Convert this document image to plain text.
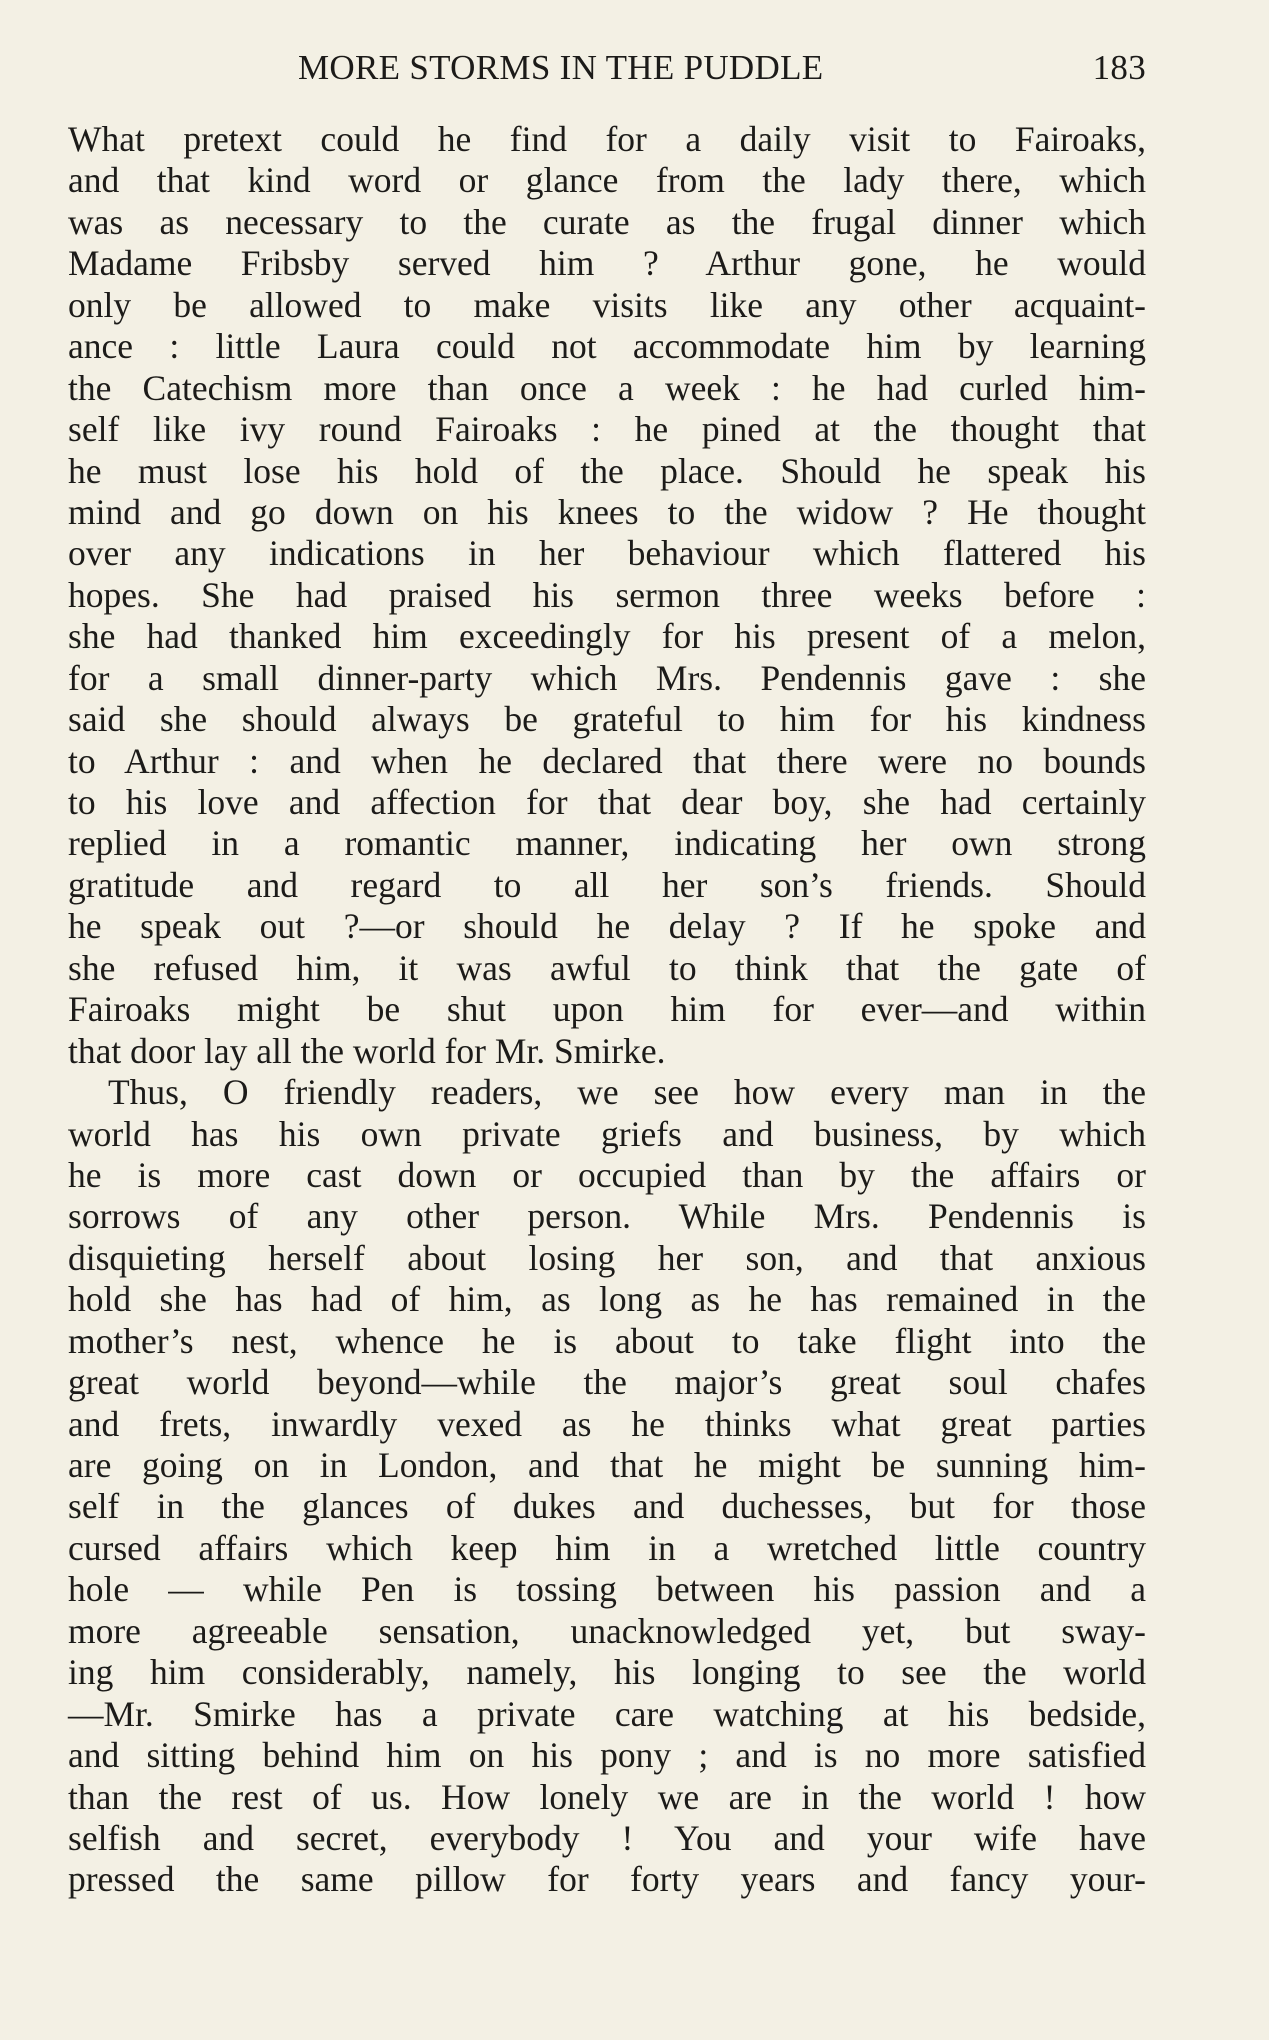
MORE STORMS IN THE PUDDLE	183
What pretext could he find for a daily visit to Fairoaks,
and that kind word or glance from the lady there, which
was as necessary to the curate as the frugal dinner which
Madame Fribsby served him ? Arthur gone, he would
only be allowed to make visits like any other acquaint-
ance : little Laura could not accommodate him by learning
the Catechism more than once a week : he had curled him-
self like ivy round Fairoaks : he pined at the thought that
he must lose his hold of the place. Should he speak his
mind and go down on his knees to the widow ? He thought
over any indications in her behaviour which flattered his
hopes. She had praised his sermon three weeks before :
she had thanked him exceedingly for his present of a melon,
for a small dinner-party which Mrs. Pendennis gave : she
said she should always be grateful to him for his kindness
to Arthur : and when he declared that there were no bounds
to his love and affection for that dear boy, she had certainly
replied in a romantic manner, indicating her own strong
gratitude and regard to all her son’s friends. Should
he speak out ?—or should he delay ? If he spoke and
she refused him, it was awful to think that the gate of
Fairoaks might be shut upon him for ever—and within
that door lay all the world for Mr. Smirke.
Thus, O friendly readers, we see how every man in the
world has his own private griefs and business, by which
he is more cast down or occupied than by the affairs or
sorrows of any other person. While Mrs. Pendennis is
disquieting herself about losing her son, and that anxious
hold she has had of him, as long as he has remained in the
mother’s nest, whence he is about to take flight into the
great world beyond—while the major’s great soul chafes
and frets, inwardly vexed as he thinks what great parties
are going on in London, and that he might be sunning him-
self in the glances of dukes and duchesses, but for those
cursed affairs which keep him in a wretched little country
hole — while Pen is tossing between his passion and a
more agreeable sensation, unacknowledged yet, but sway-
ing him considerably, namely, his longing to see the world
—Mr. Smirke has a private care watching at his bedside,
and sitting behind him on his pony ; and is no more satisfied
than the rest of us. How lonely we are in the world ! how
selfish and secret, everybody ! You and your wife have
pressed the same pillow for forty years and fancy your-
